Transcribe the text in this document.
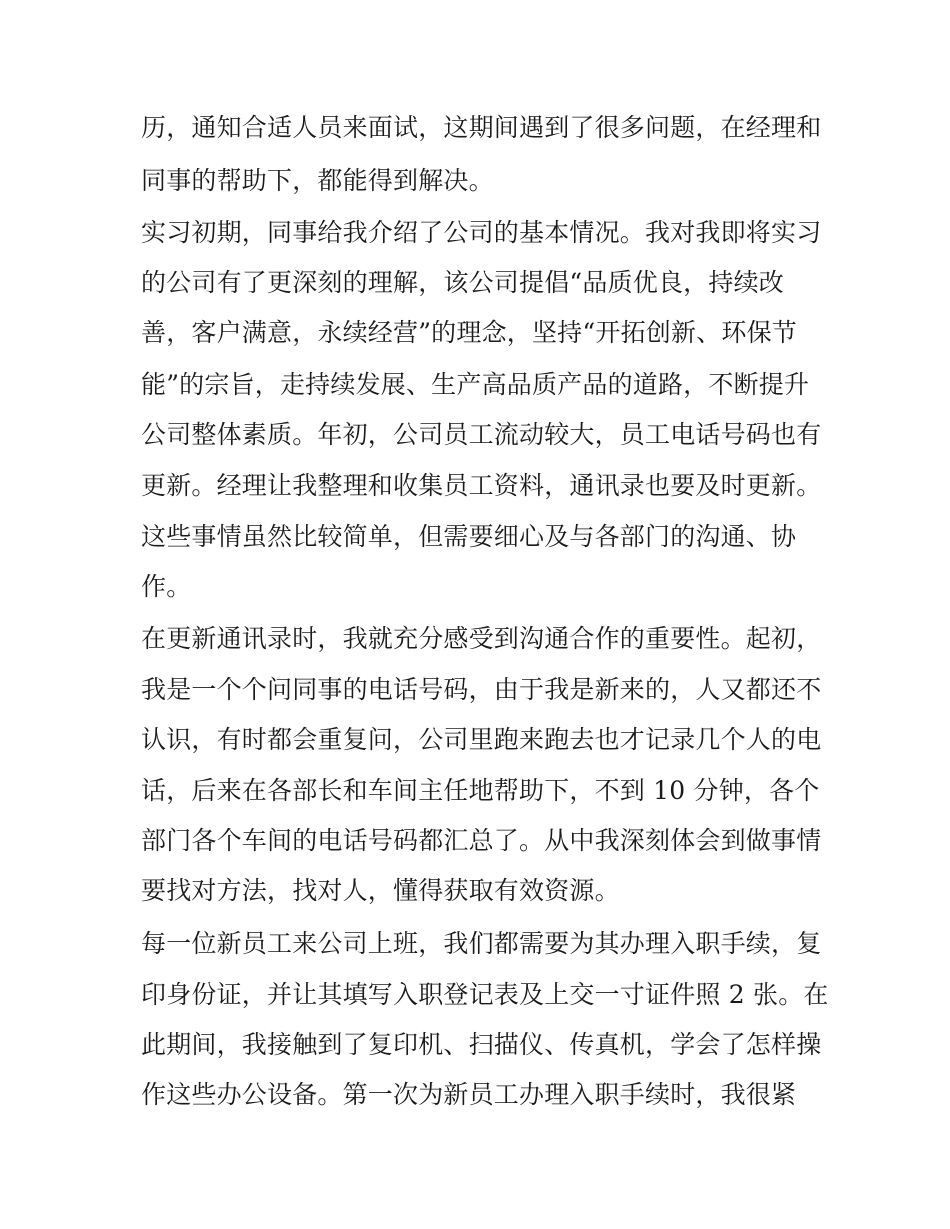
历，通知合适人员来面试，这期间遇到了很多问题，在经理和
同事的帮助下，都能得到解决。
实习初期，同事给我介绍了公司的基本情况。我对我即将实习
的公司有了更深刻的理解，该公司提倡“品质优良，持续改
善，客户满意，永续经营”的理念，坚持“开拓创新、环保节
能”的宗旨，走持续发展、生产高品质产品的道路，不断提升
公司整体素质。年初，公司员工流动较大，员工电话号码也有
更新。经理让我整理和收集员工资料，通讯录也要及时更新。
这些事情虽然比较简单，但需要细心及与各部门的沟通、协
作。
在更新通讯录时，我就充分感受到沟通合作的重要性。起初，
我是一个个问同事的电话号码，由于我是新来的，人又都还不
认识，有时都会重复问，公司里跑来跑去也才记录几个人的电
话，后来在各部长和车间主任地帮助下，不到 10 分钟，各个
部门各个车间的电话号码都汇总了。从中我深刻体会到做事情
要找对方法，找对人，懂得获取有效资源。
每一位新员工来公司上班，我们都需要为其办理入职手续，复
印身份证，并让其填写入职登记表及上交一寸证件照 2 张。在
此期间，我接触到了复印机、扫描仪、传真机，学会了怎样操
作这些办公设备。第一次为新员工办理入职手续时，我很紧
